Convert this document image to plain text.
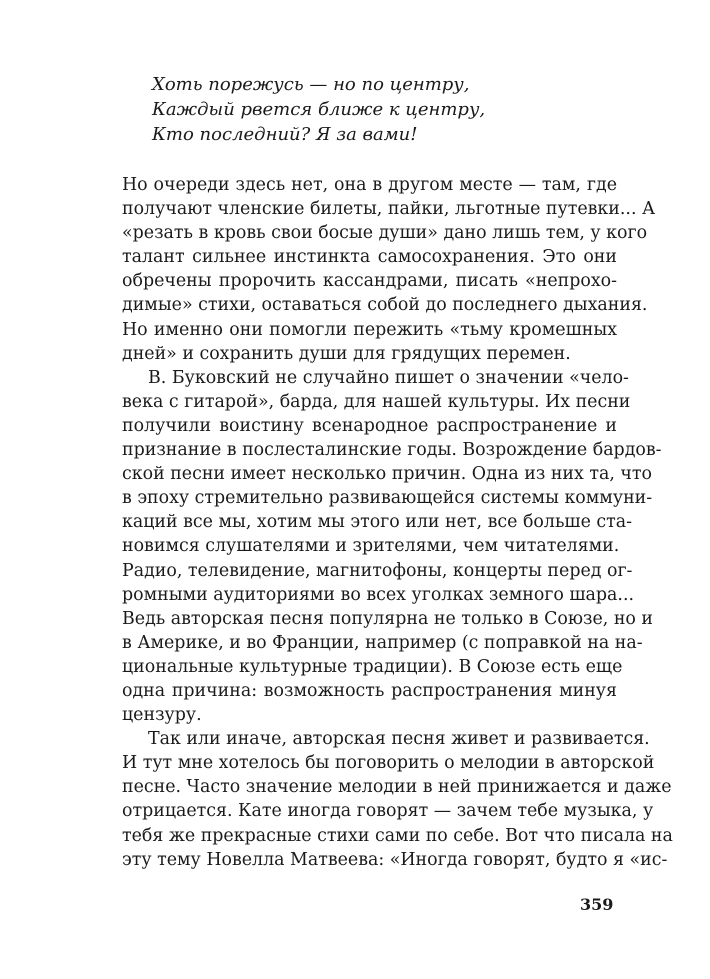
Хоть порежусь — но по центру,
Каждый рвется ближе к центру,
Кто последний? Я за вами!
Но очереди здесь нет, она в другом месте — там, где
получают членские билеты, пайки, льготные путевки... А
«резать в кровь свои босые души» дано лишь тем, у кого
талант сильнее инстинкта самосохранения. Это они
обречены пророчить кассандрами, писать «непрохо-
димые» стихи, оставаться собой до последнего дыхания.
Но именно они помогли пережить «тьму кромешных
дней» и сохранить души для грядущих перемен.
В. Буковский не случайно пишет о значении «чело-
века с гитарой», барда, для нашей культуры. Их песни
получили воистину всенародное распространение и
признание в послесталинские годы. Возрождение бардов-
ской песни имеет несколько причин. Одна из них та, что
в эпоху стремительно развивающейся системы коммуни-
каций все мы, хотим мы этого или нет, все больше ста-
новимся слушателями и зрителями, чем читателями.
Радио, телевидение, магнитофоны, концерты перед ог-
ромными аудиториями во всех уголках земного шара...
Ведь авторская песня популярна не только в Союзе, но и
в Америке, и во Франции, например (с поправкой на на-
циональные культурные традиции). В Союзе есть еще
одна причина: возможность распространения минуя
цензуру.
Так или иначе, авторская песня живет и развивается.
И тут мне хотелось бы поговорить о мелодии в авторской
песне. Часто значение мелодии в ней принижается и даже
отрицается. Кате иногда говорят — зачем тебе музыка, у
тебя же прекрасные стихи сами по себе. Вот что писала на
эту тему Новелла Матвеева: «Иногда говорят, будто я «ис-
359
